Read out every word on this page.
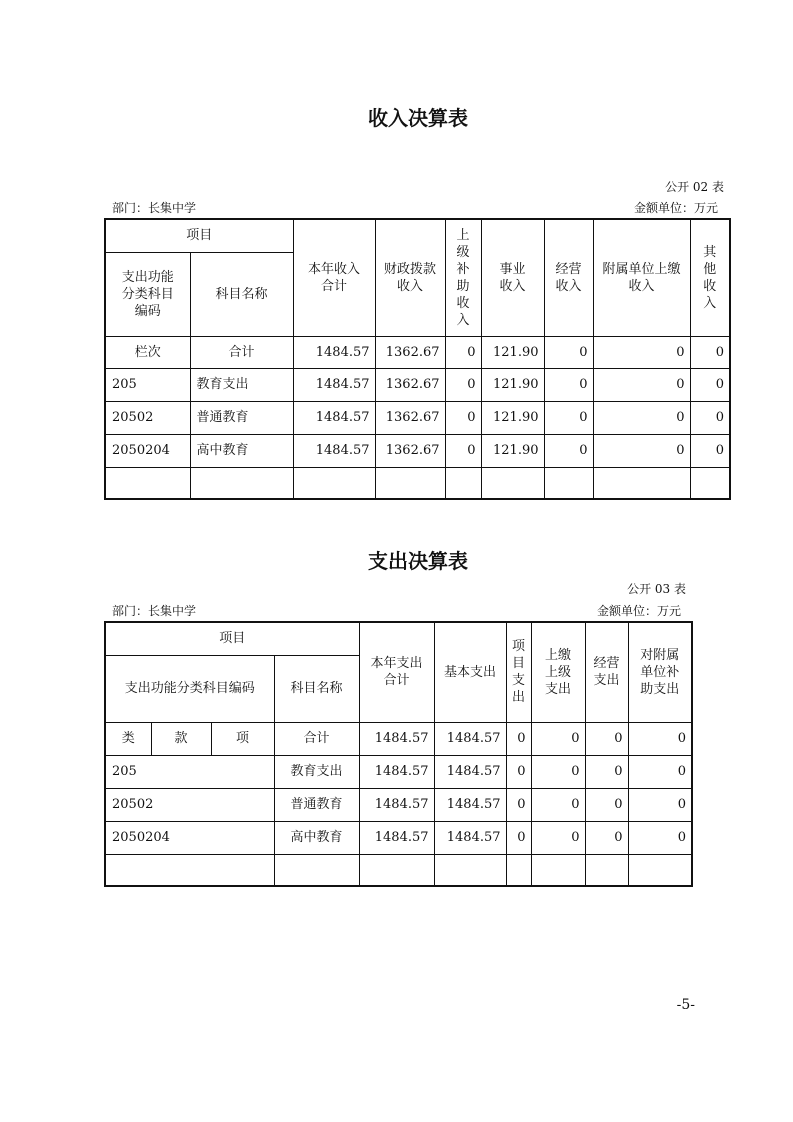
收入决算表
公开 02 表
部门：长集中学	金额单位：万元
项目		本年收入合计	财政拨款收入	上级补助收入	事业收入	经营收入	附属单位上缴收入	其他收入

支出功能分类科目编码	科目名称							
栏次	合计	1484.57	1362.67	0	121.90	0	0	0
205	教育支出	1484.57	1362.67	0	121.90	0	0	0
20502	普通教育	1484.57	1362.67	0	121.90	0	0	0
2050204	高中教育	1484.57	1362.67	0	121.90	0	0	0

支出决算表
公开 03 表
部门：长集中学	金额单位：万元
项目				本年支出合计	基本支出	项目支出	上缴上级支出	经营支出	对附属单位补助支出

支出功能分类科目编码			科目名称						
类	款	项	合计	1484.57	1484.57	0	0	0	0
205			教育支出	1484.57	1484.57	0	0	0	0
20502			普通教育	1484.57	1484.57	0	0	0	0
2050204			高中教育	1484.57	1484.57	0	0	0	0

-5-
